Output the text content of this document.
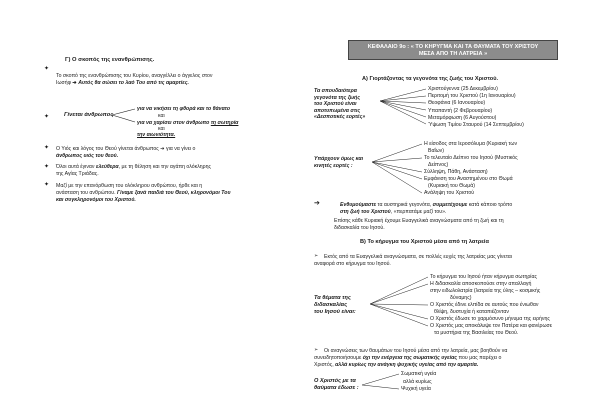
Γ) Ο σκοπός της ενανθρώπισης.
✦
Το σκοπό της ενανθρώπισης του Κυρίου, αναγγέλλει ο άγγελος στον
Ιωσήφ ➔ Αυτός θα σώσει το λαό Του από τις αμαρτίες.
✦	Γίνεται άνθρωπος
για να νικήσει τη φθορά και το θάνατο
και
για να χαρίσει στον άνθρωπο τη σωτηρία
και
την αιωνιότητα.
✦ Ο Υιός και λόγος του Θεού γίνεται άνθρωπος ➔ για να γίνει ο
άνθρωπος υιός του θεού.
✦ Όλοι αυτά έγιναν ελεύθερα, με τη θέληση και την αγάπη ολόκληρης
της Αγίας Τριάδας.
✦ Μαζί με την επανόρθωση του ολόκληρου ανθρώπου, ήρθε και η
ανάσταση του ανθρώπου. Γίναμε ξανά παιδιά του Θεού, κληρονόμοι Του
και συγκληρονόμοι του Χριστού.
ΚΕΦΑΛΑΙΟ 9ο : « ΤΟ ΚΗΡΥΓΜΑ ΚΑΙ ΤΑ ΘΑΥΜΑΤΑ ΤΟΥ ΧΡΙΣΤΟΥ
ΜΕΣΑ ΑΠΟ ΤΗ ΛΑΤΡΕΙΑ »
Α) Γιορτάζοντας τα γεγονότα της ζωής του Χριστού.
Τα σπουδαιότερα
γεγονότα της ζωής
του Χριστού είναι
αποτυπωμένα στις
«Δεσποτικές εορτές»
Χριστούγεννα (25 Δεκεμβρίου)
Περιτομή του Χριστού (1η Ιανουαρίου)
Θεοφάνια (6 Ιανουαρίου)
Υπαπαντή (2 Φεβρουαρίου)
Μεταμόρφωση (6 Αυγούστου)
Ύψωση Τιμίου Σταυρού (14 Σεπτεμβρίου)
Υπάρχουν όμως και
κινητές εορτές :
Η είσοδος στα Ιεροσόλυμα (Κυριακή των
Βαΐων)
Το τελευταίο Δείπνο του Ιησού (Μυστικός
Δείπνος)
Σύλληψη, Πάθη, Ανάσταση)
Εμφάνιση του Αναστημένου στο Θωμά
(Κυριακή του Θωμά)
Ανάληψη του Χριστού
➔	Ενθυμούμαστε τα αυστηρικά γεγονότα, συμμετέχουμε κατά κάποιο τρόπο
στη ζωή του Χριστού, «περπατάμε μαζί του».
Επίσης κάθε Κυριακή έχουμε Ευαγγελικά αναγνώσματα από τη ζωή και τη
διδασκαλία του Ιησού.
Β) Το κήρυγμα του Χριστού μέσα από τη λατρεία
➢ Εκτός από τα Ευαγγελικά αναγνώσματα, σε πολλές ευχές της λατρείας μας γίνεται
αναφορά στο κήρυγμα του Ιησού.
Τα θέματα της
διδασκαλίας
του Ιησού είναι:
Το κήρυγμα του Ιησού ήταν κήρυγμα σωτηρίας
Η διδασκαλία αποσκοπούσε στην απαλλαγή
στην ειδωλολατρία (λατρεία της ύλης – κοσμικής
δύναμης)
Ο Χριστός έδινε ελπίδα σε αυτούς που ένιωθαν
θλίψη, δυστυχία ή καταπιέζονταν
Ο Χριστός έδωσε το χαρμόσυνο μήνυμα της ειρήνης
Ο Χριστός μας αποκάλυψε τον Πατέρα και φανέρωσε
τα μυστήρια της Βασιλείας του Θεού.
➢ Οι αναγνώσεις των θαυμάτων του Ιησού μέσα από την λατρεία, μας βοηθούν να
συνειδητοποιήσουμε όχι την ενέργεια της σωματικής υγείας που μας παρέχει ο
Χριστός, αλλά κυρίως την ανάγκη ψυχικής υγείας από την αμαρτία.
Ο Χριστός με τα
θαύματα έδωσε :
Σωματική υγεία
αλλά κυρίως
Ψυχική υγεία
